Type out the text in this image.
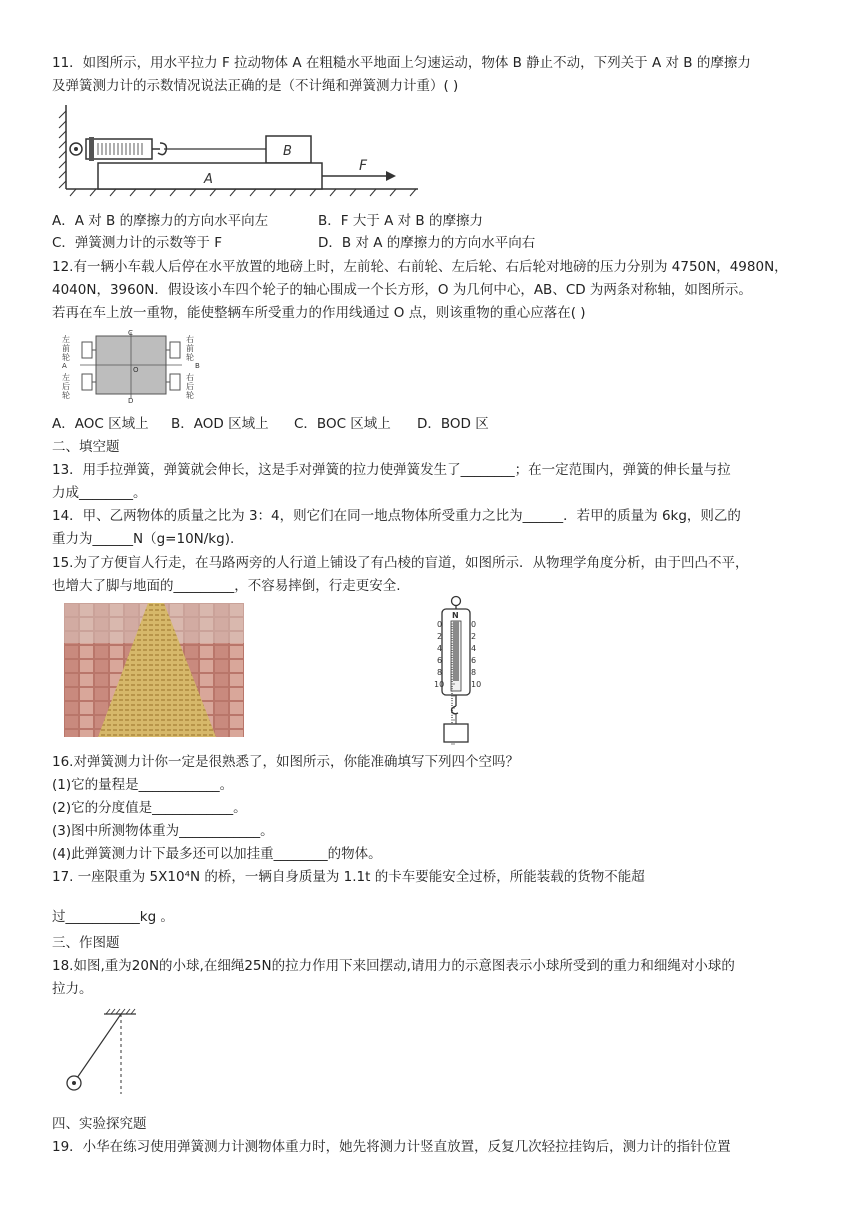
11．如图所示，用水平拉力 F 拉动物体 A 在粗糙水平地面上匀速运动，物体 B 静止不动，下列关于 A 对 B 的摩擦力
及弹簧测力计的示数情况说法正确的是（不计绳和弹簧测力计重）( )
B
A
F
A．A 对 B 的摩擦力的方向水平向左	B．F 大于 A 对 B 的摩擦力
C．弹簧测力计的示数等于 F	D．B 对 A 的摩擦力的方向水平向右
12.有一辆小车载人后停在水平放置的地磅上时，左前轮、右前轮、左后轮、右后轮对地磅的压力分别为 4750N，4980N，
4040N，3960N．假设该小车四个轮子的轴心围成一个长方形，O 为几何中心，AB、CD 为两条对称轴，如图所示。
若再在车上放一重物，能使整辆车所受重力的作用线通过 O 点，则该重物的重心应落在( )
C
D
A	B
O
左
前
轮
右
前
轮
左
后
轮
右
后
轮
A．AOC 区域上 B．AOD 区域上 C．BOC 区域上 D．BOD 区
二、填空题
13．用手拉弹簧，弹簧就会伸长，这是手对弹簧的拉力使弹簧发生了________；在一定范围内，弹簧的伸长量与拉
力成________。
14．甲、乙两物体的质量之比为 3：4，则它们在同一地点物体所受重力之比为______．若甲的质量为 6kg，则乙的
重力为______N（g=10N/kg).
15.为了方便盲人行走，在马路两旁的人行道上铺设了有凸棱的盲道，如图所示．从物理学角度分析，由于凹凸不平，
也增大了脚与地面的_________，不容易摔倒，行走更安全.
N
0	0
2	2
4	4
6	6
8	8
10	10
16.对弹簧测力计你一定是很熟悉了，如图所示，你能准确填写下列四个空吗？
(1)它的量程是____________。
(2)它的分度值是____________。
(3)图中所测物体重为____________。
(4)此弹簧测力计下最多还可以加挂重________的物体。
17. 一座限重为 5X10⁴N 的桥，一辆自身质量为 1.1t 的卡车要能安全过桥，所能装载的货物不能超
过___________kg 。
三、作图题
18.如图,重为20N的小球,在细绳25N的拉力作用下来回摆动,请用力的示意图表示小球所受到的重力和细绳对小球的
拉力。
四、实验探究题
19．小华在练习使用弹簧测力计测物体重力时，她先将测力计竖直放置，反复几次轻拉挂钩后，测力计的指针位置
